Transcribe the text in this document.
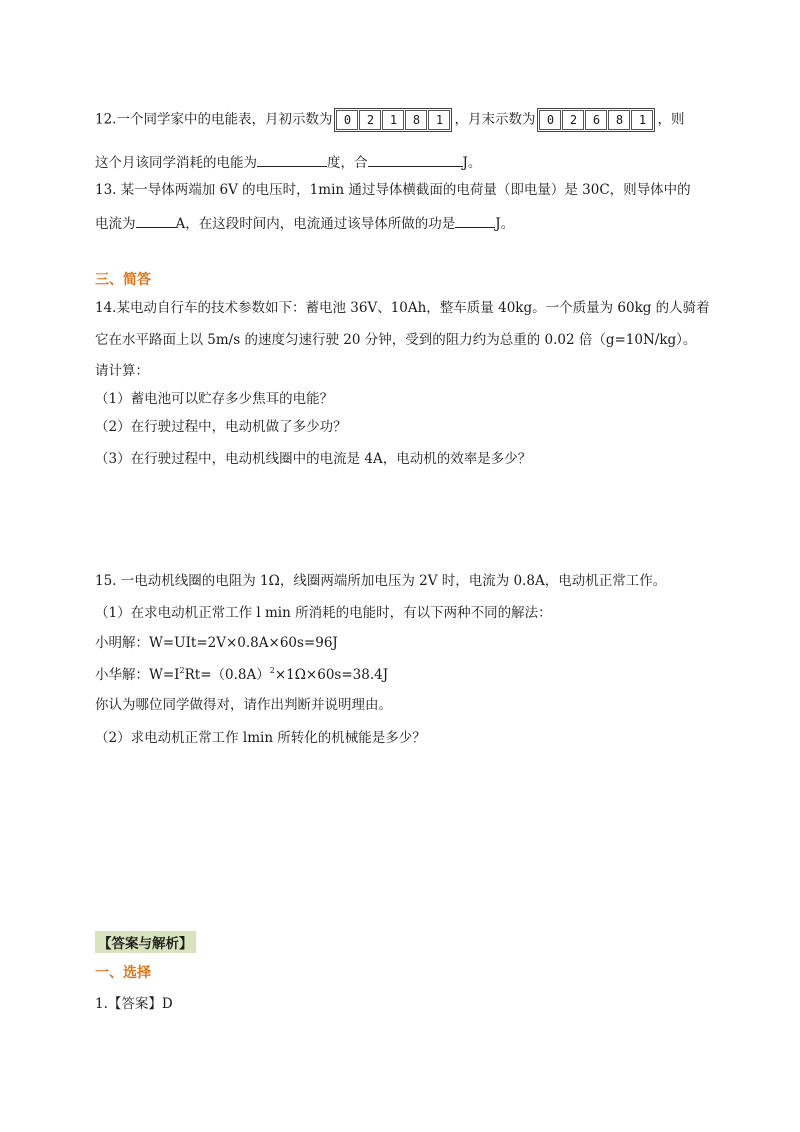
12.一个同学家中的电能表，月初示数为 0	2	1	8	1 ，月末示数为 0	2	6	8	1 ，则
这个月该同学消耗的电能为	度，合	J。
13. 某一导体两端加 6V 的电压时，1min 通过导体横截面的电荷量（即电量）是 30C，则导体中的
电流为	A，在这段时间内，电流通过该导体所做的功是	J。
三、简答
14.某电动自行车的技术参数如下：蓄电池 36V、10Ah，整车质量 40kg。一个质量为 60kg 的人骑着
它在水平路面上以 5m/s 的速度匀速行驶 20 分钟，受到的阻力约为总重的 0.02 倍（g=10N/kg）。
请计算：
（1）蓄电池可以贮存多少焦耳的电能？
（2）在行驶过程中，电动机做了多少功？
（3）在行驶过程中，电动机线圈中的电流是 4A，电动机的效率是多少？
15. 一电动机线圈的电阻为 1Ω，线圈两端所加电压为 2V 时，电流为 0.8A，电动机正常工作。
（1）在求电动机正常工作 l min 所消耗的电能时，有以下两种不同的解法：
小明解：W=UIt=2V×0.8A×60s=96J
小华解：$W=I^2Rt=(0.8A)^2\times 1\Omega\times 60s=38.4J$
你认为哪位同学做得对，请作出判断并说明理由。
（2）求电动机正常工作 lmin 所转化的机械能是多少？
【答案与解析】
一、选择
1.【答案】D
